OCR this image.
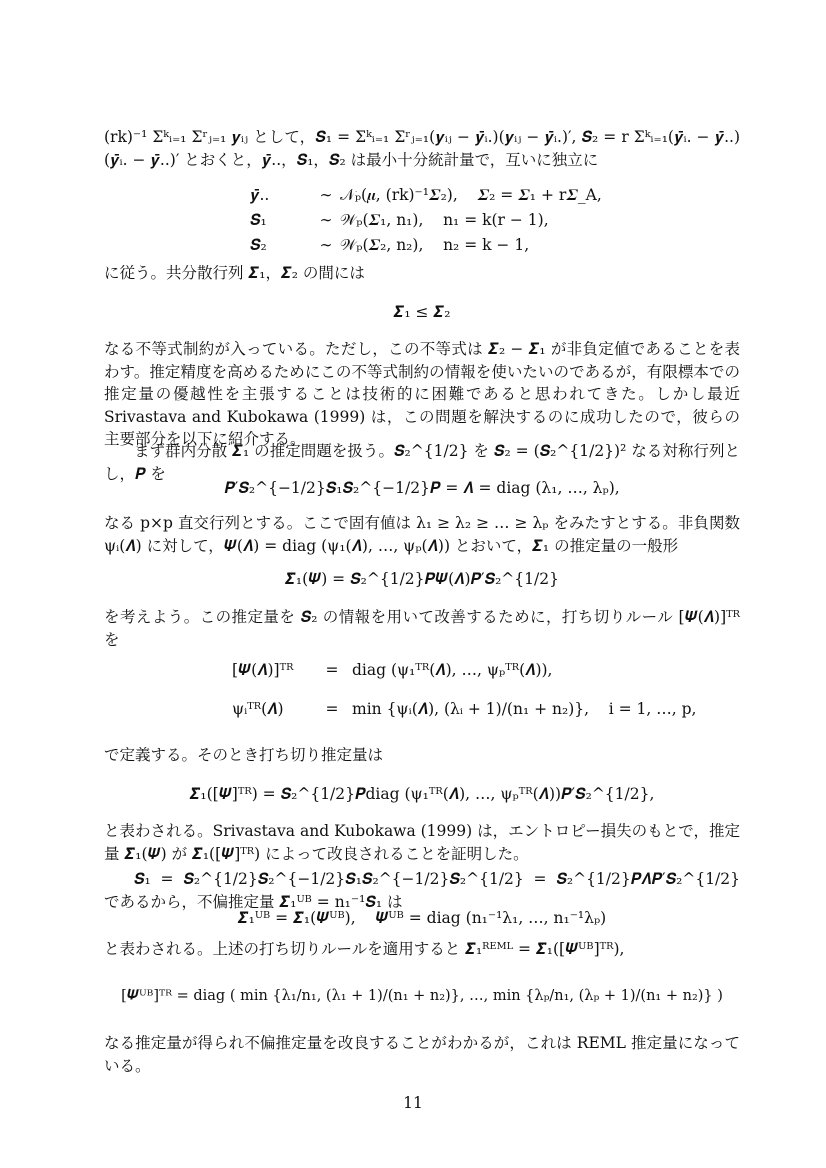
(rk)⁻¹ Σᵏᵢ₌₁ Σʳⱼ₌₁ 𝒚ᵢⱼ として，𝑺₁ = Σᵏᵢ₌₁ Σʳⱼ₌₁(𝒚ᵢⱼ − 𝒚̄ᵢ.)(𝒚ᵢⱼ − 𝒚̄ᵢ.)′, 𝑺₂ = r Σᵏᵢ₌₁(𝒚̄ᵢ. − 𝒚̄..)(𝒚̄ᵢ. − 𝒚̄..)′ とおくと，𝒚̄..，𝑺₁，𝑺₂ は最小十分統計量で，互いに独立に
𝒚̄..	∼ 𝒩ₚ(𝝁, (rk)⁻¹𝜮₂),    𝜮₂ = 𝜮₁ + r𝜮_A,
𝑺₁	∼ 𝒲ₚ(𝜮₁, n₁),    n₁ = k(r − 1),
𝑺₂	∼ 𝒲ₚ(𝜮₂, n₂),    n₂ = k − 1,
に従う。共分散行列 𝜮₁，𝜮₂ の間には
𝜮₁ ≤ 𝜮₂
なる不等式制約が入っている。ただし，この不等式は 𝜮₂ − 𝜮₁ が非負定値であることを表わす。推定精度を高めるためにこの不等式制約の情報を使いたいのであるが，有限標本での推定量の優越性を主張することは技術的に困難であると思われてきた。しかし最近 Srivastava and Kubokawa (1999) は，この問題を解決するのに成功したので，彼らの主要部分を以下に紹介する。
まず群内分散 𝜮₁ の推定問題を扱う。𝑺₂^{1/2} を 𝑺₂ = (𝑺₂^{1/2})² なる対称行列とし，𝑷 を
𝑷′𝑺₂^{−1/2}𝑺₁𝑺₂^{−1/2}𝑷 = 𝜦 = diag (λ₁, …, λₚ),
なる p×p 直交行列とする。ここで固有値は λ₁ ≥ λ₂ ≥ … ≥ λₚ をみたすとする。非負関数 ψᵢ(𝜦) に対して，𝜳(𝜦) = diag (ψ₁(𝜦), …, ψₚ(𝜦)) とおいて，𝜮₁ の推定量の一般形
𝜮̂₁(𝜳) = 𝑺₂^{1/2}𝑷𝜳(𝜦)𝑷′𝑺₂^{1/2}
を考えよう。この推定量を 𝑺₂ の情報を用いて改善するために，打ち切りルール [𝜳(𝜦)]ᵀᴿ を
[𝜳(𝜦)]ᵀᴿ	= diag (ψ₁ᵀᴿ(𝜦), …, ψₚᵀᴿ(𝜦)),
ψᵢᵀᴿ(𝜦)	= min {ψᵢ(𝜦), (λᵢ + 1)/(n₁ + n₂)},    i = 1, …, p,
で定義する。そのとき打ち切り推定量は
𝜮̂₁([𝜳]ᵀᴿ) = 𝑺₂^{1/2}𝑷diag (ψ₁ᵀᴿ(𝜦), …, ψₚᵀᴿ(𝜦))𝑷′𝑺₂^{1/2},
と表わされる。Srivastava and Kubokawa (1999) は，エントロピー損失のもとで，推定量 𝜮̂₁(𝜳) が 𝜮̂₁([𝜳]ᵀᴿ) によって改良されることを証明した。
𝑺₁ = 𝑺₂^{1/2}𝑺₂^{−1/2}𝑺₁𝑺₂^{−1/2}𝑺₂^{1/2} = 𝑺₂^{1/2}𝑷𝜦𝑷′𝑺₂^{1/2} であるから，不偏推定量 𝜮̂₁ᵁᴮ = n₁⁻¹𝑺₁ は
𝜮̂₁ᵁᴮ = 𝜮̂₁(𝜳ᵁᴮ),    𝜳ᵁᴮ = diag (n₁⁻¹λ₁, …, n₁⁻¹λₚ)
と表わされる。上述の打ち切りルールを適用すると 𝜮̂₁ᴿᴱᴹᴸ = 𝜮̂₁([𝜳ᵁᴮ]ᵀᴿ),
[𝜳ᵁᴮ]ᵀᴿ = diag ( min {λ₁/n₁, (λ₁ + 1)/(n₁ + n₂)}, …, min {λₚ/n₁, (λₚ + 1)/(n₁ + n₂)} )
なる推定量が得られ不偏推定量を改良することがわかるが，これは REML 推定量になっている。
11
